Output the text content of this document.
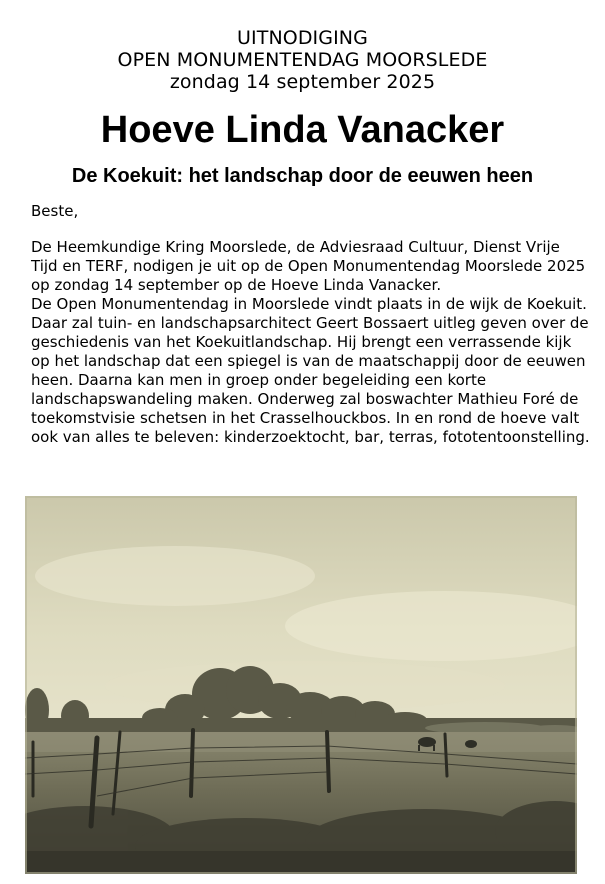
UITNODIGING
OPEN MONUMENTENDAG MOORSLEDE
zondag 14 september 2025
Hoeve Linda Vanacker
De Koekuit: het landschap door de eeuwen heen
Beste,

De Heemkundige Kring Moorslede, de Adviesraad Cultuur, Dienst Vrije Tijd en TERF, nodigen je uit op de Open Monumentendag Moorslede 2025 op zondag 14 september op de Hoeve Linda Vanacker.

De Open Monumentendag in Moorslede vindt plaats in de wijk de Koekuit. Daar zal tuin- en landschapsarchitect Geert Bossaert uitleg geven over de geschiedenis van het Koekuitlandschap. Hij brengt een verrassende kijk op het landschap dat een spiegel is van de maatschappij door de eeuwen heen. Daarna kan men in groep onder begeleiding een korte landschapswandeling maken. Onderweg zal boswachter Mathieu Foré de toekomstvisie schetsen in het Crasselhouckbos. In en rond de hoeve valt ook van alles te beleven: kinderzoektocht, bar, terras, fototentoonstelling.
